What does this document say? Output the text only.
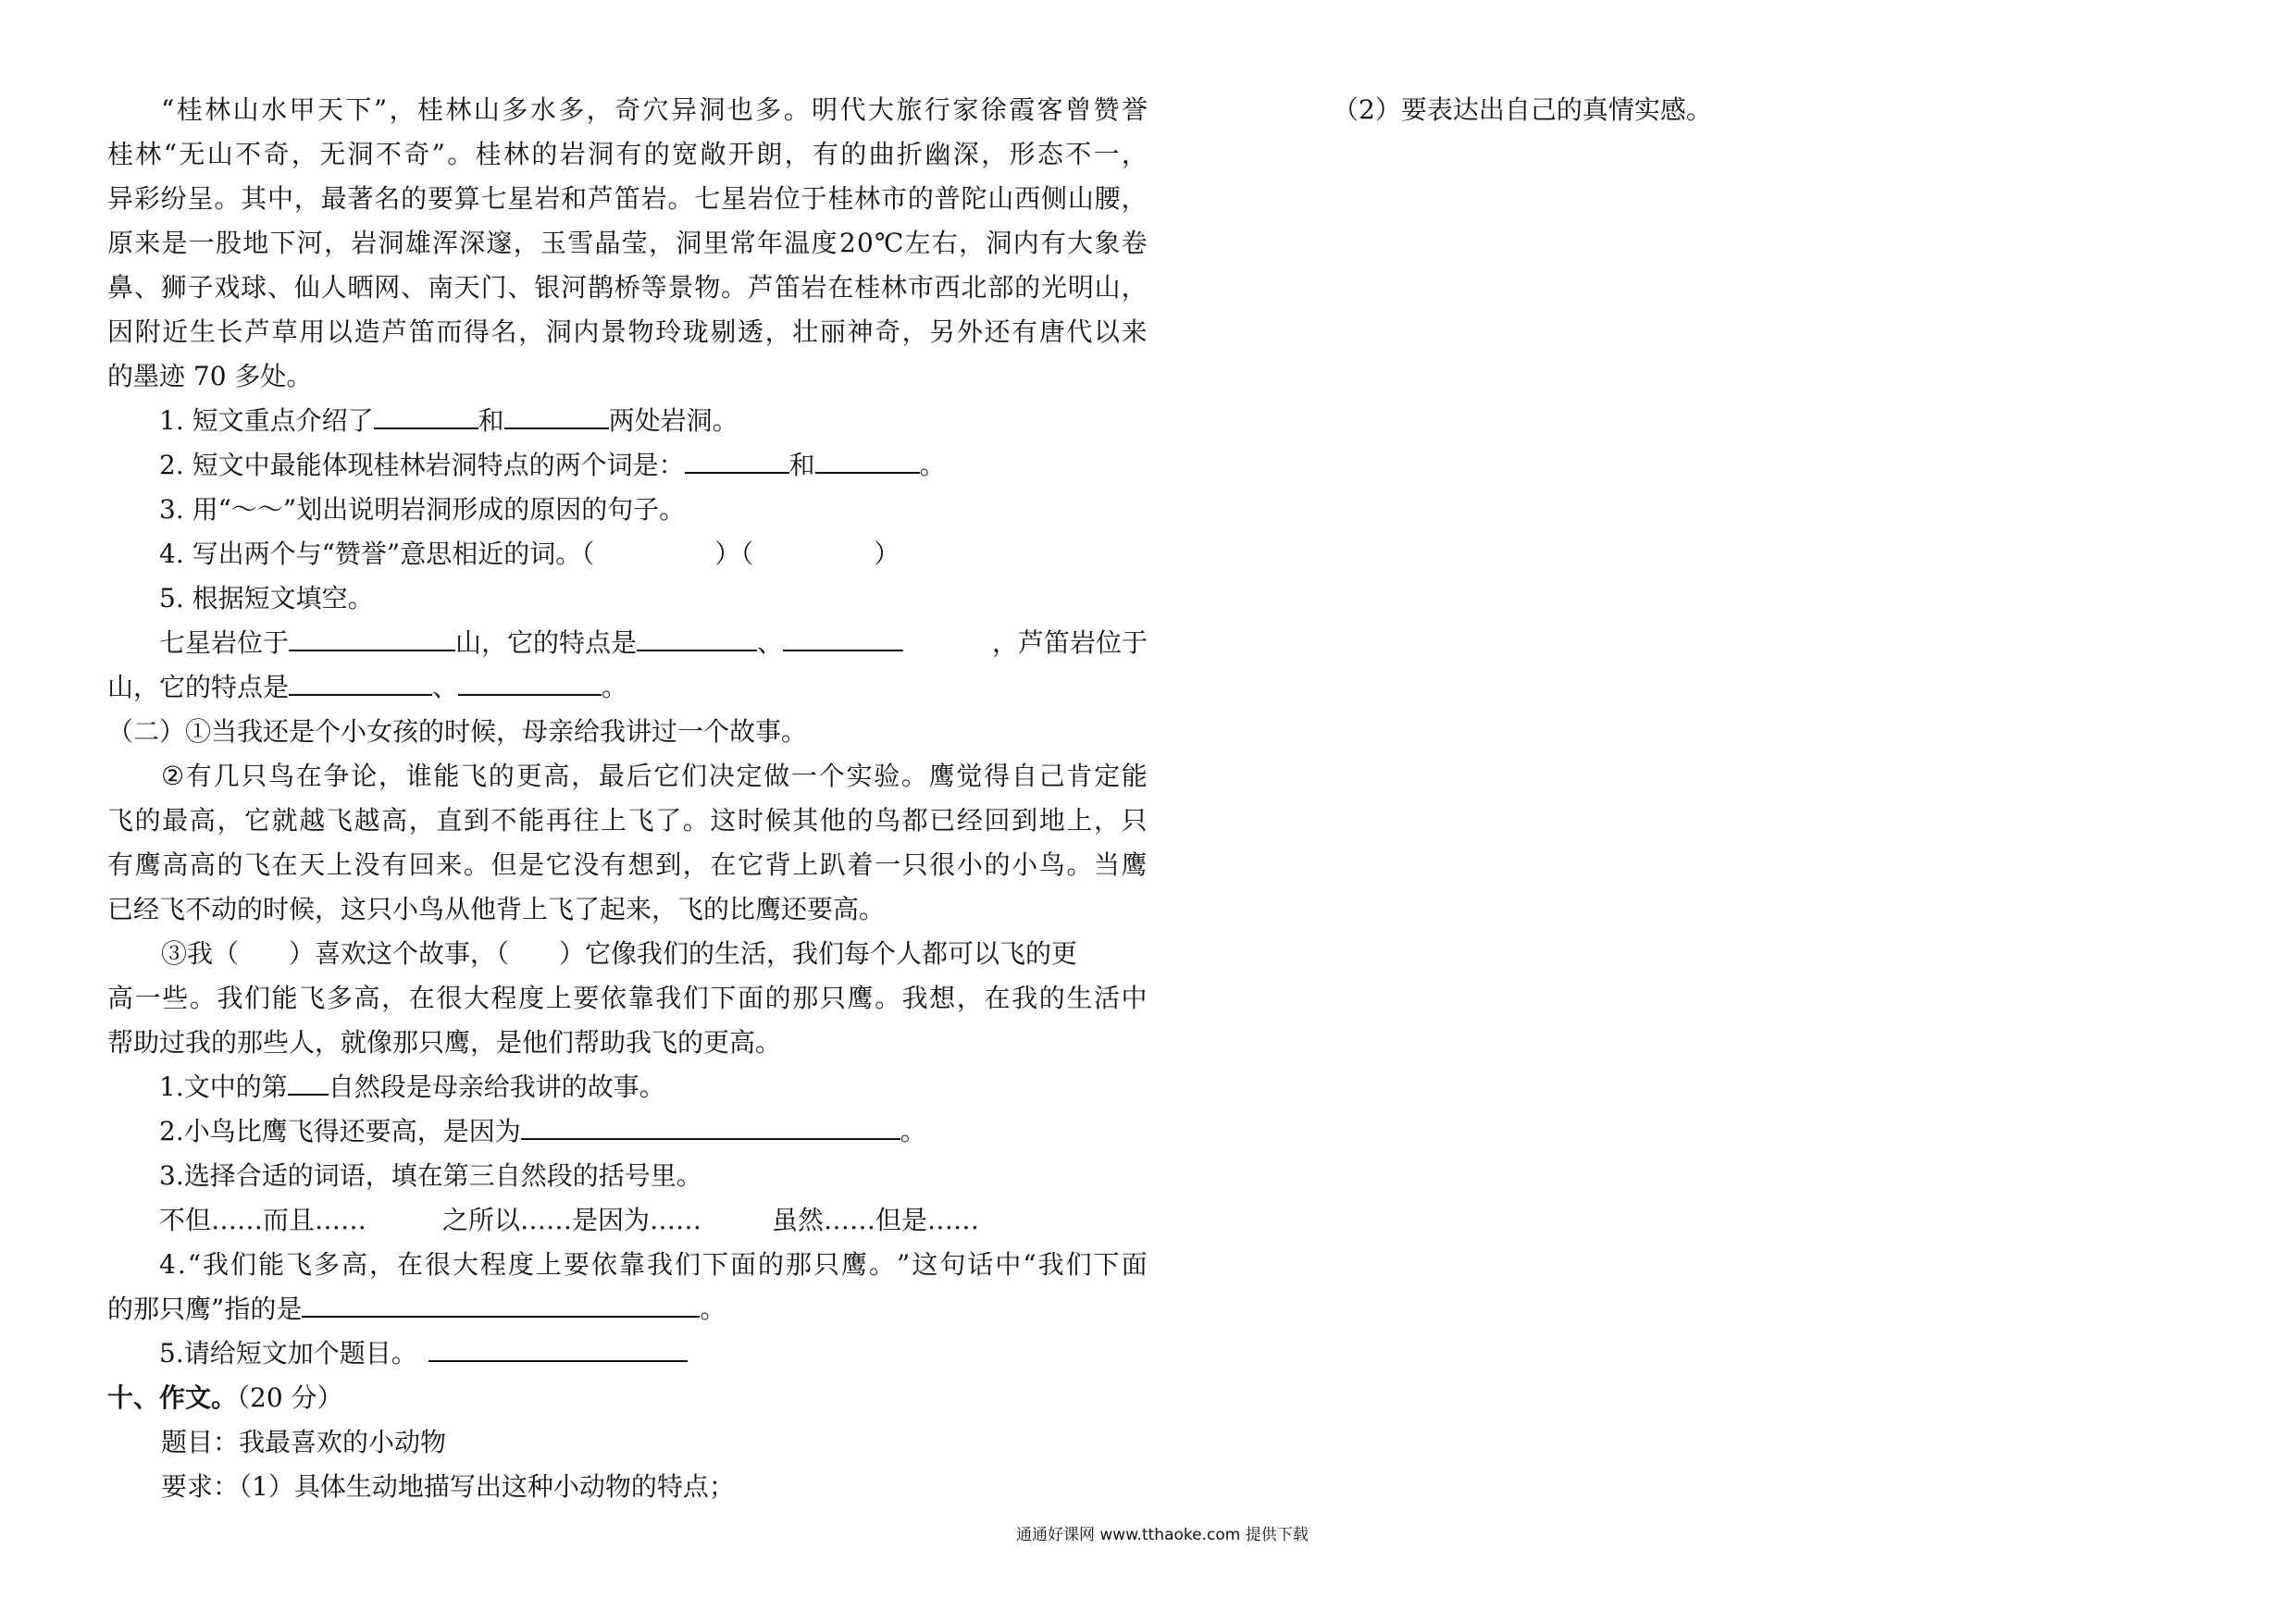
“ 桂 林 山 水 甲 天 下 ” ， 桂 林 山 多 水 多 ， 奇 穴 异 洞 也 多 。 明 代 大 旅 行 家 徐 霞 客 曾 赞 誉
桂 林 “ 无 山 不 奇 ， 无 洞 不 奇 ” 。 桂 林 的 岩 洞 有 的 宽 敞 开 朗 ， 有 的 曲 折 幽 深 ， 形 态 不 一 ，
异 彩 纷 呈 。 其 中 ， 最 著 名 的 要 算 七 星 岩 和 芦 笛 岩 。 七 星 岩 位 于 桂 林 市 的 普 陀 山 西 侧 山 腰 ，
原 来 是 一 股 地 下 河 ， 岩 洞 雄 浑 深 邃 ， 玉 雪 晶 莹 ， 洞 里 常 年 温 度 2 0 ℃ 左 右 ， 洞 内 有 大 象 卷
鼻 、 狮 子 戏 球 、 仙 人 晒 网 、 南 天 门 、 银 河 鹊 桥 等 景 物 。 芦 笛 岩 在 桂 林 市 西 北 部 的 光 明 山 ，
因 附 近 生 长 芦 草 用 以 造 芦 笛 而 得 名 ， 洞 内 景 物 玲 珑 剔 透 ， 壮 丽 神 奇 ， 另 外 还 有 唐 代 以 来
的墨迹 70 多处。
1. 短文重点介绍了	和	两处岩洞。
2. 短文中最能体现桂林岩洞特点的两个词是：	和	。
3. 用“～～”划出说明岩洞形成的原因的句子。
4. 写出两个与“赞誉”意思相近的词。（	）（	）
5. 根据短文填空。
七星岩位于	山，它的特点是	、	，芦笛岩位于
山，它的特点是	、	。
（二）①当我还是个小女孩的时候，母亲给我讲过一个故事。
② 有 几 只 鸟 在 争 论 ， 谁 能 飞 的 更 高 ， 最 后 它 们 决 定 做 一 个 实 验 。 鹰 觉 得 自 己 肯 定 能
飞 的 最 高 ， 它 就 越 飞 越 高 ， 直 到 不 能 再 往 上 飞 了 。 这 时 候 其 他 的 鸟 都 已 经 回 到 地 上 ， 只
有 鹰 高 高 的 飞 在 天 上 没 有 回 来 。 但 是 它 没 有 想 到 ， 在 它 背 上 趴 着 一 只 很 小 的 小 鸟 。 当 鹰
已经飞不动的时候，这只小鸟从他背上飞了起来，飞的比鹰还要高。
③我（ ）喜欢这个故事，（ ）它像我们的生活，我们每个人都可以飞的更
高 一 些 。 我 们 能 飞 多 高 ， 在 很 大 程 度 上 要 依 靠 我 们 下 面 的 那 只 鹰 。 我 想 ， 在 我 的 生 活 中
帮助过我的那些人，就像那只鹰，是他们帮助我飞的更高。
1.文中的第 自然段是母亲给我讲的故事。
2.小鸟比鹰飞得还要高，是因为	。
3.选择合适的词语，填在第三自然段的括号里。
不但……而且……	之所以……是因为……	虽然……但是……
4 . “ 我 们 能 飞 多 高 ， 在 很 大 程 度 上 要 依 靠 我 们 下 面 的 那 只 鹰 。 ” 这 句 话 中 “ 我 们 下 面
的那只鹰”指的是	。
5.请给短文加个题目。
十、作文。（20 分）
题目：我最喜欢的小动物
要求：（1）具体生动地描写出这种小动物的特点；
（2）要表达出自己的真情实感。
通通好课网 www.tthaoke.com 提供下载
